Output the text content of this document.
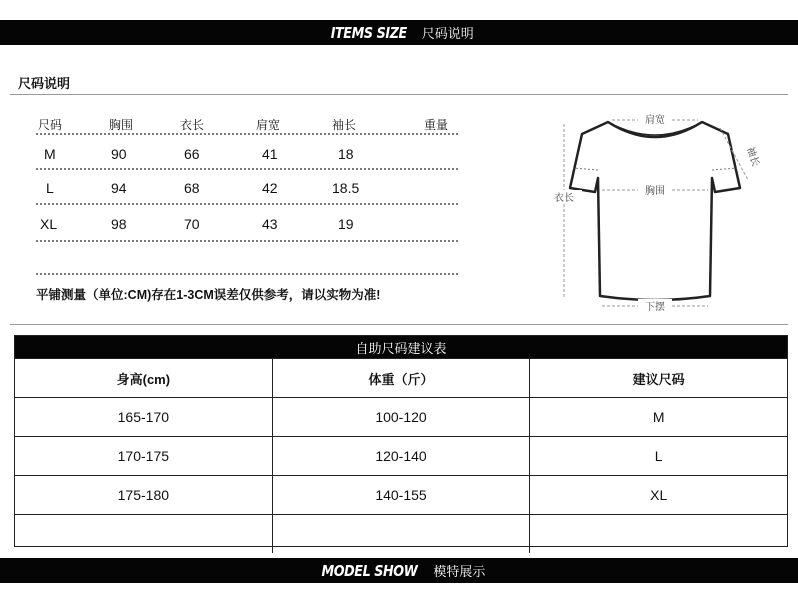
ITEMS SIZE 尺码说明
尺码说明
尺码	胸围	衣长	肩宽	袖长	重量
M	90	66	41	18
L	94	68	42	18.5
XL	98	70	43	19
平铺测量（单位:CM)存在1-3CM误差仅供参考，请以实物为准!
肩宽
袖长
胸围
衣长
下摆
自助尺码建议表
身高(cm)	体重（斤）	建议尺码
165-170	100-120	M
170-175	120-140	L
175-180	140-155	XL
MODEL SHOW 模特展示
